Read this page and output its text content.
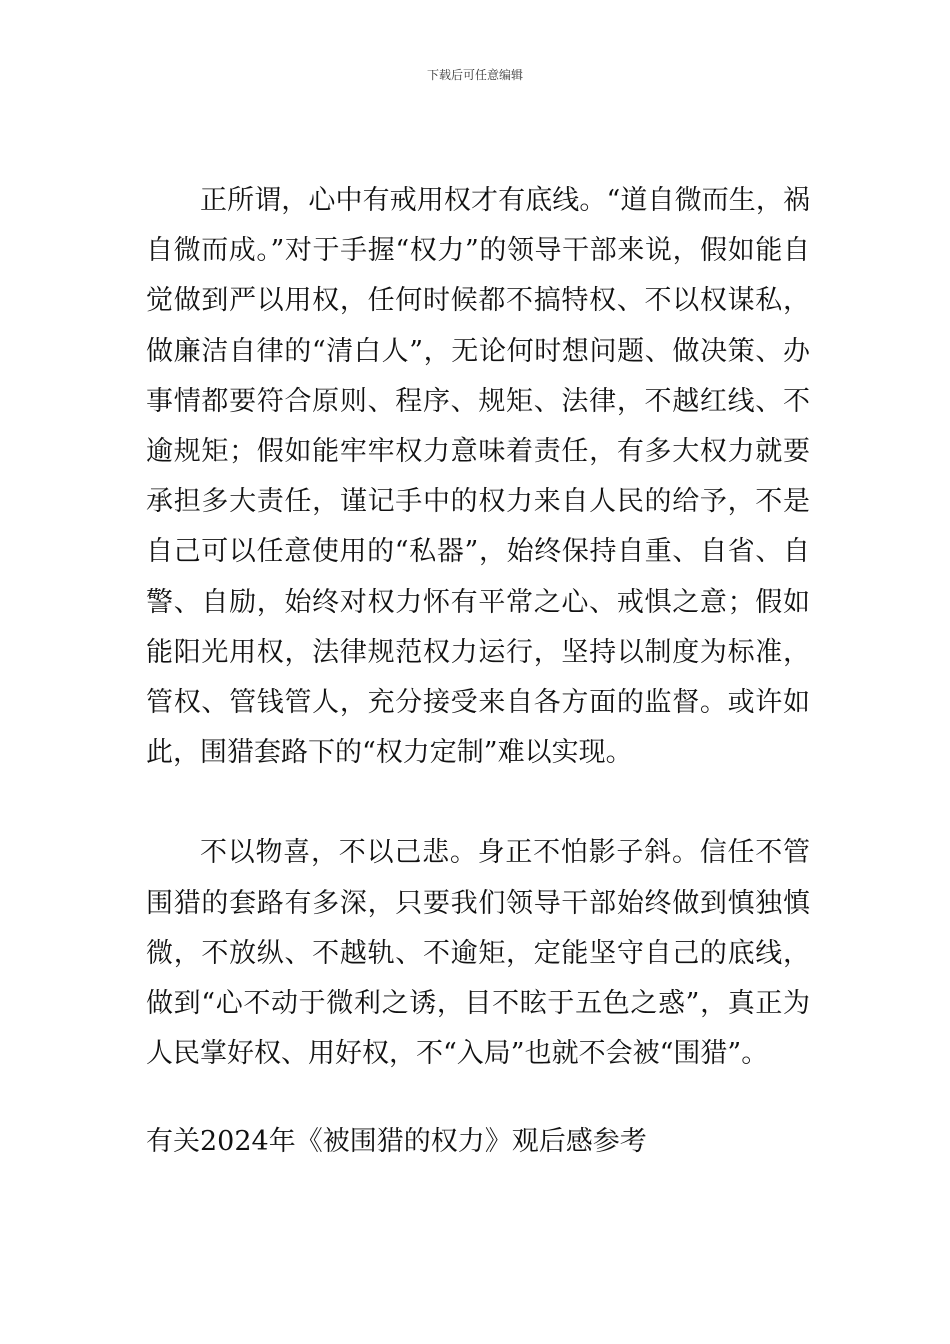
下载后可任意编辑

正所谓，心中有戒用权才有底线。“道自微而生，祸自微而成。”对于手握“权力”的领导干部来说，假如能自觉做到严以用权，任何时候都不搞特权、不以权谋私，做廉洁自律的“清白人”，无论何时想问题、做决策、办事情都要符合原则、程序、规矩、法律，不越红线、不逾规矩；假如能牢牢权力意味着责任，有多大权力就要承担多大责任，谨记手中的权力来自人民的给予，不是自己可以任意使用的“私器”，始终保持自重、自省、自警、自励，始终对权力怀有平常之心、戒惧之意；假如能阳光用权，法律规范权力运行，坚持以制度为标准，管权、管钱管人，充分接受来自各方面的监督。或许如此，围猎套路下的“权力定制”难以实现。

不以物喜，不以己悲。身正不怕影子斜。信任不管围猎的套路有多深，只要我们领导干部始终做到慎独慎微，不放纵、不越轨、不逾矩，定能坚守自己的底线，做到“心不动于微利之诱，目不眩于五色之惑”，真正为人民掌好权、用好权，不“入局”也就不会被“围猎”。

有关2024年《被围猎的权力》观后感参考
